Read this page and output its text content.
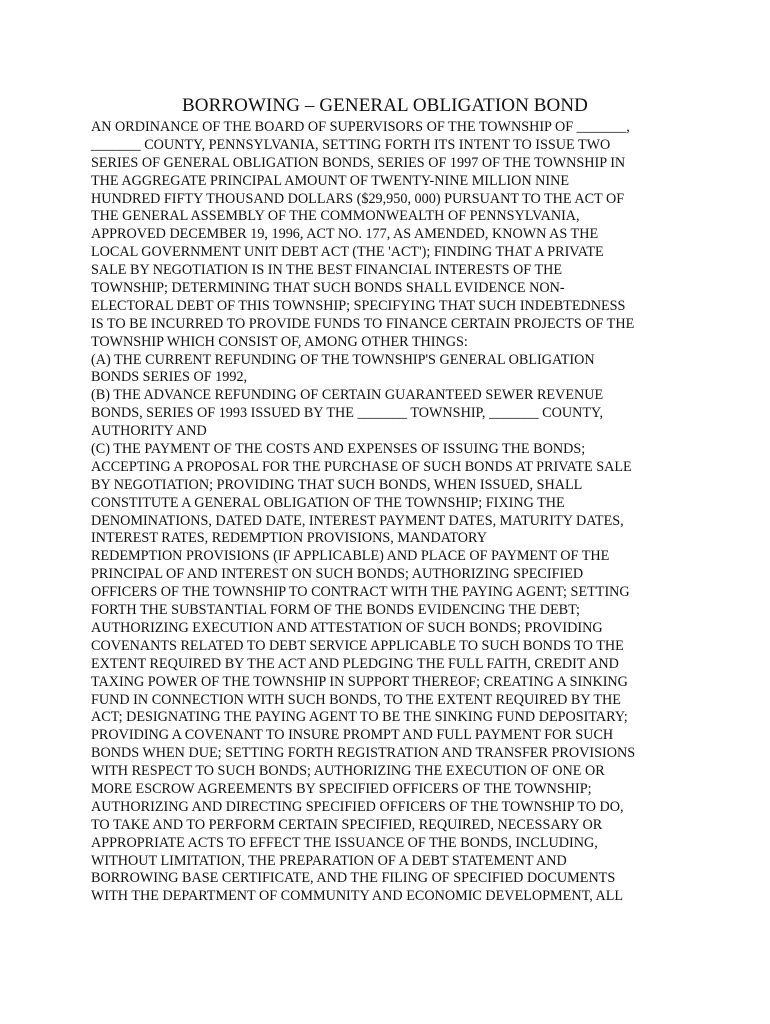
BORROWING – GENERAL OBLIGATION BOND
AN ORDINANCE OF THE BOARD OF SUPERVISORS OF THE TOWNSHIP OF _______,
_______ COUNTY, PENNSYLVANIA, SETTING FORTH ITS INTENT TO ISSUE TWO
SERIES OF GENERAL OBLIGATION BONDS, SERIES OF 1997 OF THE TOWNSHIP IN
THE AGGREGATE PRINCIPAL AMOUNT OF TWENTY-NINE MILLION NINE
HUNDRED FIFTY THOUSAND DOLLARS ($29,950, 000) PURSUANT TO THE ACT OF
THE GENERAL ASSEMBLY OF THE COMMONWEALTH OF PENNSYLVANIA,
APPROVED DECEMBER 19, 1996, ACT NO. 177, AS AMENDED, KNOWN AS THE
LOCAL GOVERNMENT UNIT DEBT ACT (THE 'ACT'); FINDING THAT A PRIVATE
SALE BY NEGOTIATION IS IN THE BEST FINANCIAL INTERESTS OF THE
TOWNSHIP; DETERMINING THAT SUCH BONDS SHALL EVIDENCE NON-
ELECTORAL DEBT OF THIS TOWNSHIP; SPECIFYING THAT SUCH INDEBTEDNESS
IS TO BE INCURRED TO PROVIDE FUNDS TO FINANCE CERTAIN PROJECTS OF THE
TOWNSHIP WHICH CONSIST OF, AMONG OTHER THINGS:
(A) THE CURRENT REFUNDING OF THE TOWNSHIP'S GENERAL OBLIGATION
BONDS SERIES OF 1992,
(B) THE ADVANCE REFUNDING OF CERTAIN GUARANTEED SEWER REVENUE
BONDS, SERIES OF 1993 ISSUED BY THE _______ TOWNSHIP, _______ COUNTY,
AUTHORITY AND
(C) THE PAYMENT OF THE COSTS AND EXPENSES OF ISSUING THE BONDS;
ACCEPTING A PROPOSAL FOR THE PURCHASE OF SUCH BONDS AT PRIVATE SALE
BY NEGOTIATION; PROVIDING THAT SUCH BONDS, WHEN ISSUED, SHALL
CONSTITUTE A GENERAL OBLIGATION OF THE TOWNSHIP; FIXING THE
DENOMINATIONS, DATED DATE, INTEREST PAYMENT DATES, MATURITY DATES,
INTEREST RATES, REDEMPTION PROVISIONS, MANDATORY
REDEMPTION PROVISIONS (IF APPLICABLE) AND PLACE OF PAYMENT OF THE
PRINCIPAL OF AND INTEREST ON SUCH BONDS; AUTHORIZING SPECIFIED
OFFICERS OF THE TOWNSHIP TO CONTRACT WITH THE PAYING AGENT; SETTING
FORTH THE SUBSTANTIAL FORM OF THE BONDS EVIDENCING THE DEBT;
AUTHORIZING EXECUTION AND ATTESTATION OF SUCH BONDS; PROVIDING
COVENANTS RELATED TO DEBT SERVICE APPLICABLE TO SUCH BONDS TO THE
EXTENT REQUIRED BY THE ACT AND PLEDGING THE FULL FAITH, CREDIT AND
TAXING POWER OF THE TOWNSHIP IN SUPPORT THEREOF; CREATING A SINKING
FUND IN CONNECTION WITH SUCH BONDS, TO THE EXTENT REQUIRED BY THE
ACT; DESIGNATING THE PAYING AGENT TO BE THE SINKING FUND DEPOSITARY;
PROVIDING A COVENANT TO INSURE PROMPT AND FULL PAYMENT FOR SUCH
BONDS WHEN DUE; SETTING FORTH REGISTRATION AND TRANSFER PROVISIONS
WITH RESPECT TO SUCH BONDS; AUTHORIZING THE EXECUTION OF ONE OR
MORE ESCROW AGREEMENTS BY SPECIFIED OFFICERS OF THE TOWNSHIP;
AUTHORIZING AND DIRECTING SPECIFIED OFFICERS OF THE TOWNSHIP TO DO,
TO TAKE AND TO PERFORM CERTAIN SPECIFIED, REQUIRED, NECESSARY OR
APPROPRIATE ACTS TO EFFECT THE ISSUANCE OF THE BONDS, INCLUDING,
WITHOUT LIMITATION, THE PREPARATION OF A DEBT STATEMENT AND
BORROWING BASE CERTIFICATE, AND THE FILING OF SPECIFIED DOCUMENTS
WITH THE DEPARTMENT OF COMMUNITY AND ECONOMIC DEVELOPMENT, ALL
